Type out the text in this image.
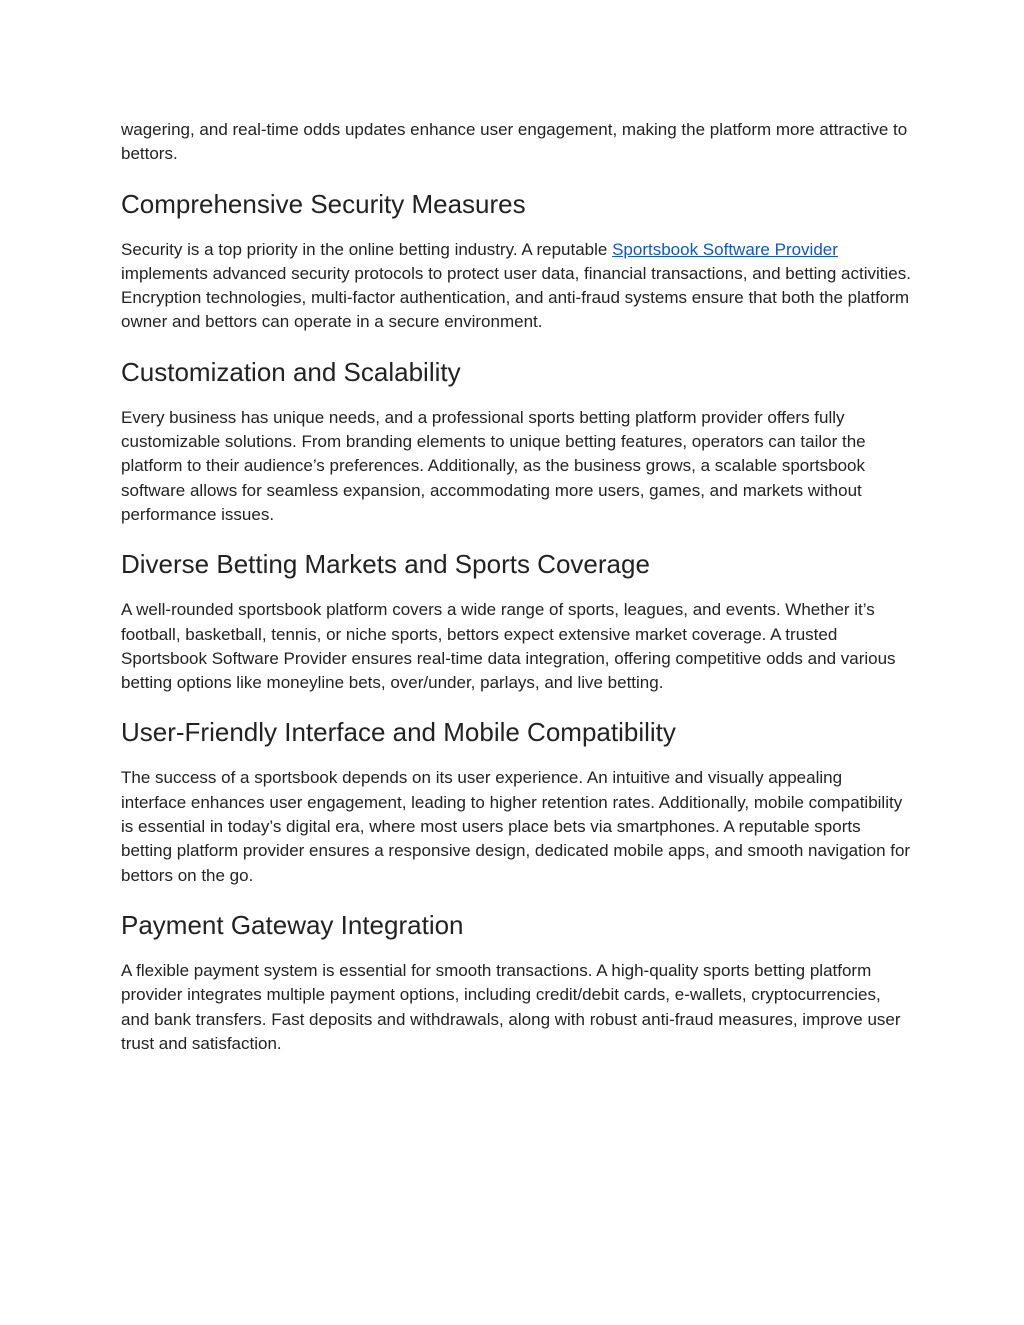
wagering, and real-time odds updates enhance user engagement, making the platform more attractive to bettors.

Comprehensive Security Measures

Security is a top priority in the online betting industry. A reputable Sportsbook Software Provider implements advanced security protocols to protect user data, financial transactions, and betting activities. Encryption technologies, multi-factor authentication, and anti-fraud systems ensure that both the platform owner and bettors can operate in a secure environment.

Customization and Scalability

Every business has unique needs, and a professional sports betting platform provider offers fully customizable solutions. From branding elements to unique betting features, operators can tailor the platform to their audience’s preferences. Additionally, as the business grows, a scalable sportsbook software allows for seamless expansion, accommodating more users, games, and markets without performance issues.

Diverse Betting Markets and Sports Coverage

A well-rounded sportsbook platform covers a wide range of sports, leagues, and events. Whether it’s football, basketball, tennis, or niche sports, bettors expect extensive market coverage. A trusted Sportsbook Software Provider ensures real-time data integration, offering competitive odds and various betting options like moneyline bets, over/under, parlays, and live betting.

User-Friendly Interface and Mobile Compatibility

The success of a sportsbook depends on its user experience. An intuitive and visually appealing interface enhances user engagement, leading to higher retention rates. Additionally, mobile compatibility is essential in today’s digital era, where most users place bets via smartphones. A reputable sports betting platform provider ensures a responsive design, dedicated mobile apps, and smooth navigation for bettors on the go.

Payment Gateway Integration

A flexible payment system is essential for smooth transactions. A high-quality sports betting platform provider integrates multiple payment options, including credit/debit cards, e-wallets, cryptocurrencies, and bank transfers. Fast deposits and withdrawals, along with robust anti-fraud measures, improve user trust and satisfaction.
